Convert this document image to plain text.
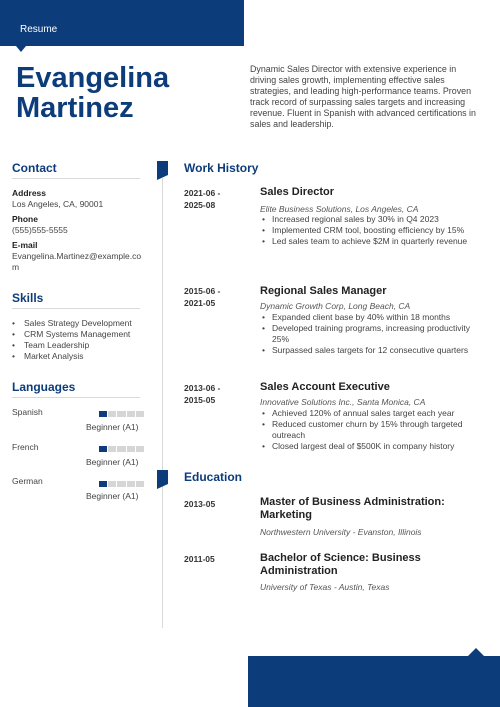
Resume
Evangelina
Martinez
Dynamic Sales Director with extensive experience in driving sales growth, implementing effective sales strategies, and leading high-performance teams. Proven track record of surpassing sales targets and increasing revenue. Fluent in Spanish with advanced certifications in sales and leadership.
Contact
Address
Los Angeles, CA, 90001
Phone
(555)555-5555
E-mail
Evangelina.Martinez@example.com
Skills
• Sales Strategy Development
• CRM Systems Management
• Team Leadership
• Market Analysis
Languages
Spanish
Beginner (A1)
French
Beginner (A1)
German
Beginner (A1)
Work History
2021-06 - 2025-08
Sales Director
Elite Business Solutions, Los Angeles, CA
• Increased regional sales by 30% in Q4 2023
• Implemented CRM tool, boosting efficiency by 15%
• Led sales team to achieve $2M in quarterly revenue
2015-06 - 2021-05
Regional Sales Manager
Dynamic Growth Corp, Long Beach, CA
• Expanded client base by 40% within 18 months
• Developed training programs, increasing productivity 25%
• Surpassed sales targets for 12 consecutive quarters
2013-06 - 2015-05
Sales Account Executive
Innovative Solutions Inc., Santa Monica, CA
• Achieved 120% of annual sales target each year
• Reduced customer churn by 15% through targeted outreach
• Closed largest deal of $500K in company history
Education
2013-05	Master of Business Administration: Marketing
Northwestern University - Evanston, Illinois
2011-05	Bachelor of Science: Business Administration
University of Texas - Austin, Texas
